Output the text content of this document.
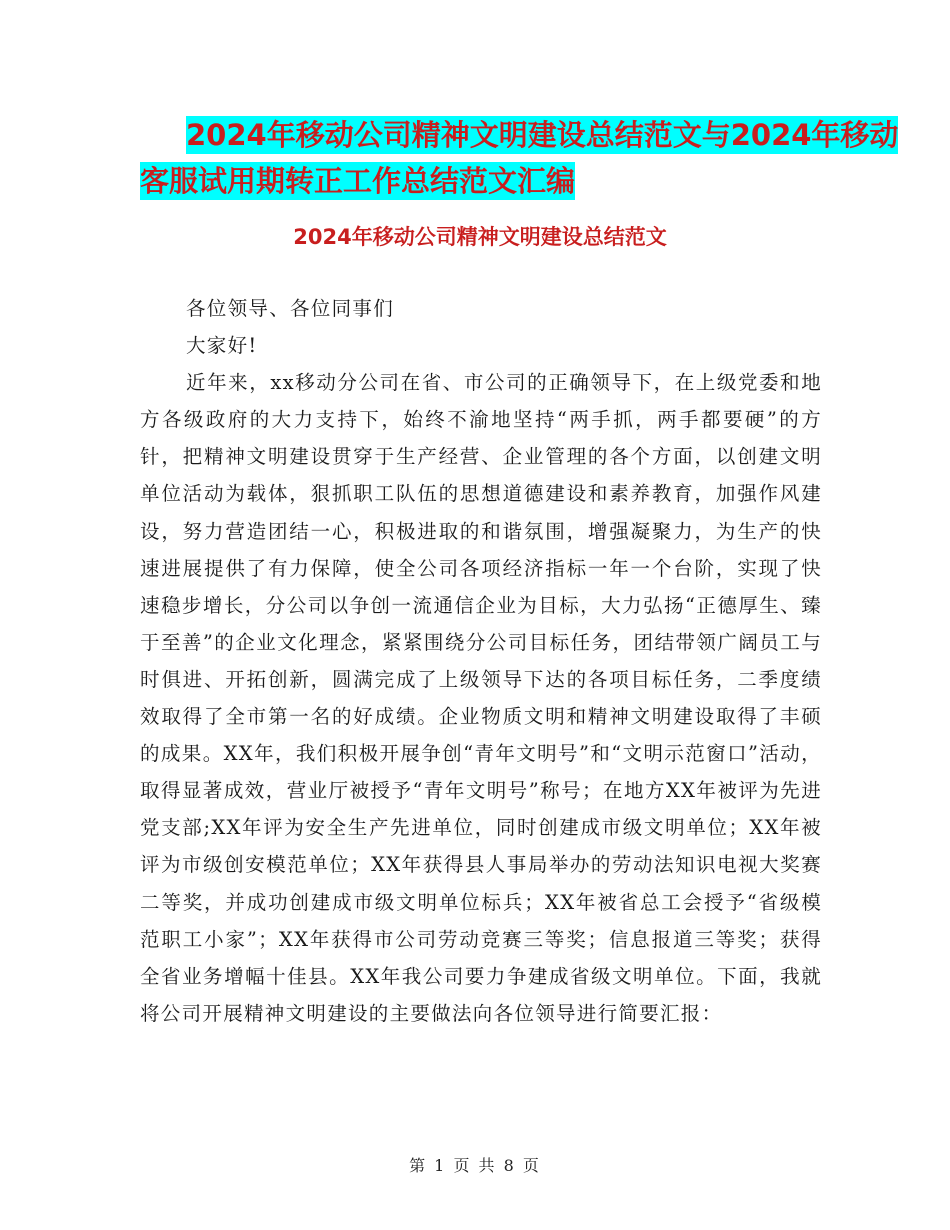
2024年移动公司精神文明建设总结范文与2024年移动
客服试用期转正工作总结范文汇编
2024年移动公司精神文明建设总结范文

各位领导、各位同事们

大家好!

近年来，xx移动分公司在省、市公司的正确领导下，在上级党委和地方各级政府的大力支持下，始终不渝地坚持“两手抓，两手都要硬”的方针，把精神文明建设贯穿于生产经营、企业管理的各个方面，以创建文明单位活动为载体，狠抓职工队伍的思想道德建设和素养教育，加强作风建设，努力营造团结一心，积极进取的和谐氛围，增强凝聚力，为生产的快速进展提供了有力保障，使全公司各项经济指标一年一个台阶，实现了快速稳步增长，分公司以争创一流通信企业为目标，大力弘扬“正德厚生、臻于至善”的企业文化理念，紧紧围绕分公司目标任务，团结带领广阔员工与时俱进、开拓创新，圆满完成了上级领导下达的各项目标任务，二季度绩效取得了全市第一名的好成绩。企业物质文明和精神文明建设取得了丰硕的成果。XX年，我们积极开展争创“青年文明号”和“文明示范窗口”活动，取得显著成效，营业厅被授予“青年文明号”称号；在地方XX年被评为先进党支部;XX年评为安全生产先进单位，同时创建成市级文明单位；XX年被评为市级创安模范单位；XX年获得县人事局举办的劳动法知识电视大奖赛二等奖，并成功创建成市级文明单位标兵；XX年被省总工会授予“省级模范职工小家”；XX年获得市公司劳动竞赛三等奖；信息报道三等奖；获得全省业务增幅十佳县。XX年我公司要力争建成省级文明单位。下面，我就将公司开展精神文明建设的主要做法向各位领导进行简要汇报：

第 1 页 共 8 页
